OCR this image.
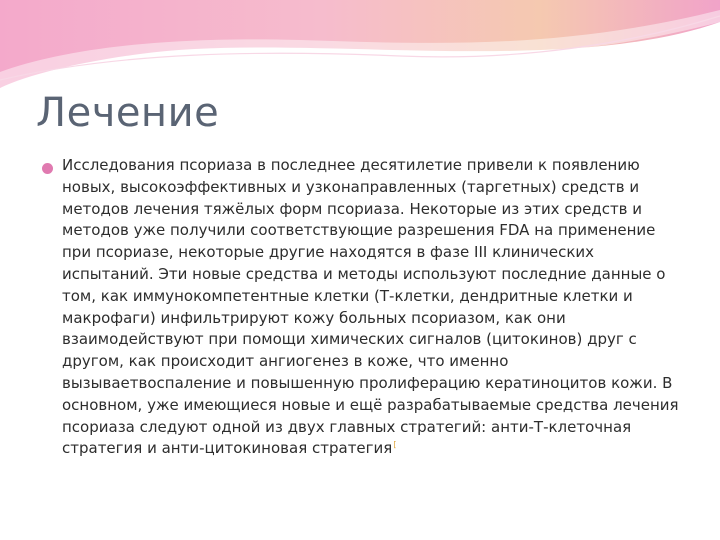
Лечение
Исследования псориаза в последнее десятилетие привели к появлению новых, высокоэффективных и узконаправленных (таргетных) средств и методов лечения тяжёлых форм псориаза. Некоторые из этих средств и методов уже получили соответствующие разрешения FDA на применение при псориазе, некоторые другие находятся в фазе III клинических испытаний. Эти новые средства и методы используют последние данные о том, как иммунокомпетентные клетки (Т-клетки, дендритные клетки и макрофаги) инфильтрируют кожу больных псориазом, как они взаимодействуют при помощи химических сигналов (цитокинов) друг с другом, как происходит ангиогенез в коже, что именно вызываетвоспаление и повышенную пролиферацию кератиноцитов кожи. В основном, уже имеющиеся новые и ещё разрабатываемые средства лечения псориаза следуют одной из двух главных стратегий: анти-Т-клеточная стратегия и анти-цитокиновая стратегия[
